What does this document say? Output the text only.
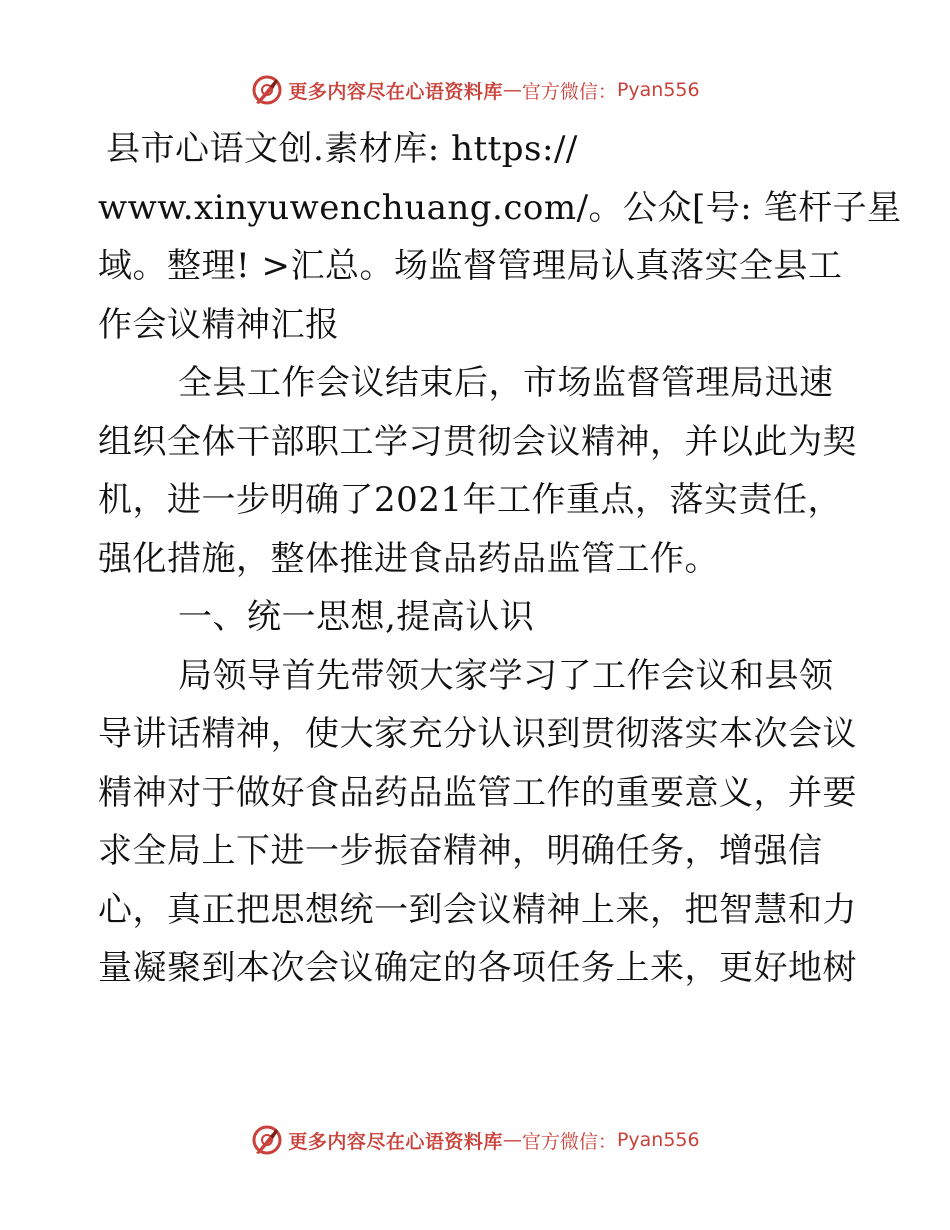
更多内容尽在心语资料库 — 官方微信： Pyan556
县市心语文创.素材库: https://
www.xinyuwenchuang.com/。公众[号: 笔杆子星
域。整理! >汇总。场监督管理局认真落实全县工
作会议精神汇报
全县工作会议结束后，市场监督管理局迅速
组织全体干部职工学习贯彻会议精神，并以此为契
机，进一步明确了2021年工作重点，落实责任，
强化措施，整体推进食品药品监管工作。
一、统一思想,提高认识
局领导首先带领大家学习了工作会议和县领
导讲话精神，使大家充分认识到贯彻落实本次会议
精神对于做好食品药品监管工作的重要意义，并要
求全局上下进一步振奋精神，明确任务，增强信
心，真正把思想统一到会议精神上来，把智慧和力
量凝聚到本次会议确定的各项任务上来，更好地树
更多内容尽在心语资料库 — 官方微信： Pyan556
